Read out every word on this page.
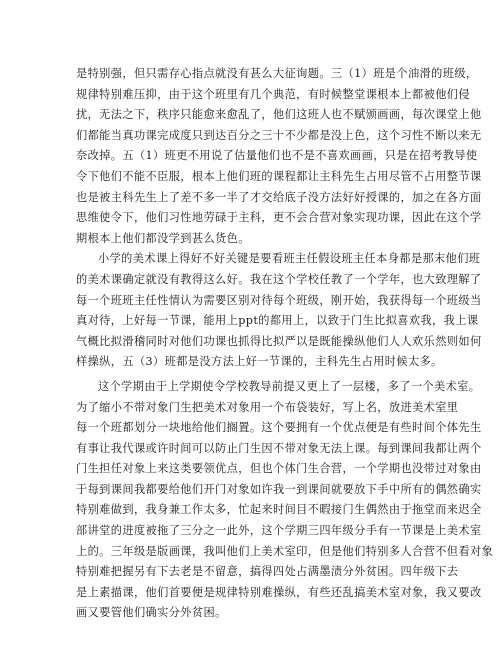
是特别强，但只需存心指点就没有甚么大征询题。三（1）班是个油滑的班级，
规律特别难压抑，由于这个班里有几个典范，有时候整堂课根本上都被他们侵
扰，无法之下，秩序只能愈来愈乱了，他们这班人也不赋颁画画，每次课堂上他
们都能当真功课完成度只到达百分之三十不少都是没上色，这个习性不断以来无
奈改掉。五（1）班更不用说了估量他们也不是不喜欢画画，只是在招考教导使
令下他们不能不臣服，根本上他们班的课程都让主科先生占用尽管不占用整节课
也是被主科先生上了差不多一半了才交给底子没方法好好授课的，加之在各方面
思维使令下，他们习性地劳碌于主科，更不会合营对象实现功课，因此在这个学
期根本上他们都没学到甚么货色。
小学的美术课上得好不好关键是要看班主任假设班主任本身都是那末他们班
的美术课确定就没有教得这么好。我在这个学校任教了一个学年，也大致理解了
每一个班班主任性情认为需要区别对待每个班级，刚开始，我获得每一个班级当
真对待，上好每一节课，能用上ppt的都用上，以致于门生比拟喜欢我，我上课
气概比拟滑稽同时对他们功课也抓得比拟严以是既能操纵他们人人欢乐然则如何
样操纵，五（3）班都是没方法上好一节课的，主科先生占用时候太多。
这个学期由于上学期使令学校教导前提又更上了一层楼，多了一个美术室。
为了缩小不带对象门生把美术对象用一个布袋装好，写上名，放进美术室里
每一个班都划分一块地给他们搁置。这个要拥有一个优点便是有些时间个体先生
有事让我代课或许时间可以防止门生因不带对象无法上课。每到课间我都让两个
门生担任对象上来这类要领优点，但也个体门生合营，一个学期也没带过对象由
于每到课间我都要给他们开门对象如许我一到课间就要放下手中所有的偶然确实
特别难做到，我身兼工作太多，忙起来时间目不暇接门生偶然由于拖堂而来迟全
部讲堂的进度被拖了三分之一此外，这个学期三四年级分手有一节课是上美术室
上的。三年级是版画课，我叫他们上美术室印，但是他们特别多人合营不但看对象
特别难把握另有下去老是不留意，搞得四处占满墨渍分外贫困。四年级下去
是上素描课，他们首要便是规律特别难操纵，有些还乱搞美术室对象，我又要改
画又要管他们确实分外贫困。
